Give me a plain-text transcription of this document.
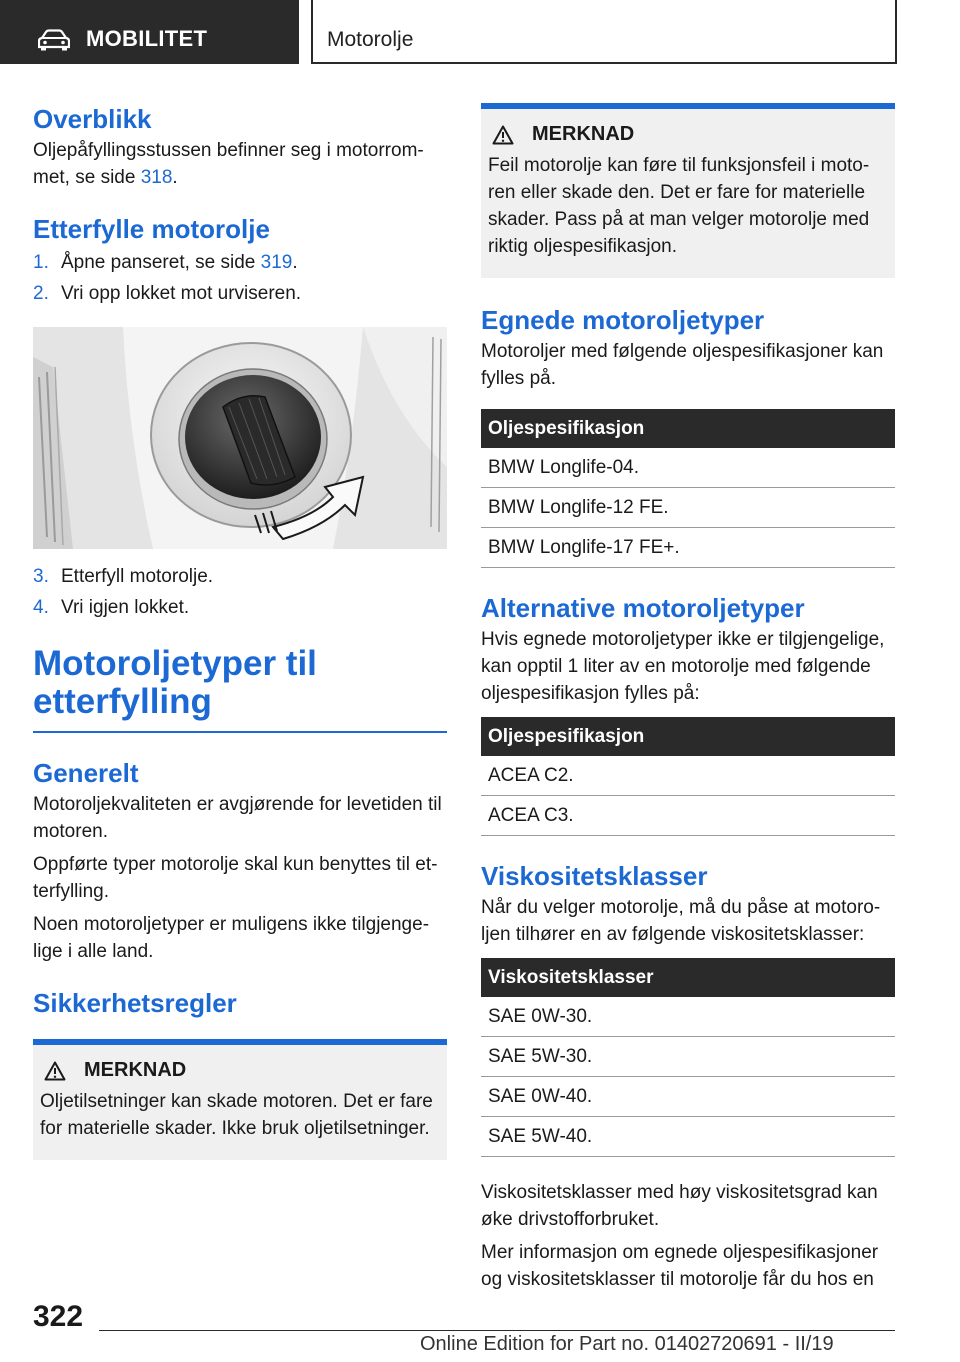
MOBILITET	Motorolje
Overblikk

Oljepåfyllingsstussen befinner seg i motorrom-met, se side 318.

Etterfylle motorolje
1. Åpne panseret, se side 319.
2. Vri opp lokket mot urviseren.
3. Etterfyll motorolje.
4. Vri igjen lokket.
Motoroljetyper til etterfylling
Generelt

Motoroljekvaliteten er avgjørende for levetiden til motoren.

Oppførte typer motorolje skal kun benyttes til et-terfylling.

Noen motoroljetyper er muligens ikke tilgjenge-lige i alle land.

Sikkerhetsregler
MERKNAD

Oljetilsetninger kan skade motoren. Det er fare for materielle skader. Ikke bruk oljetilsetninger.

MERKNAD

Feil motorolje kan føre til funksjonsfeil i moto-ren eller skade den. Det er fare for materielle skader. Pass på at man velger motorolje med riktig oljespesifikasjon.

Egnede motoroljetyper

Motoroljer med følgende oljespesifikasjoner kan fylles på.

Oljespesifikasjon
BMW Longlife-04.
BMW Longlife-12 FE.
BMW Longlife-17 FE+.
Alternative motoroljetyper

Hvis egnede motoroljetyper ikke er tilgjengelige, kan opptil 1 liter av en motorolje med følgende oljespesifikasjon fylles på:

Oljespesifikasjon
ACEA C2.
ACEA C3.
Viskositetsklasser

Når du velger motorolje, må du påse at motoro-ljen tilhører en av følgende viskositetsklasser:

Viskositetsklasser
SAE 0W-30.
SAE 5W-30.
SAE 0W-40.
SAE 5W-40.

Viskositetsklasser med høy viskositetsgrad kan øke drivstofforbruket.

Mer informasjon om egnede oljespesifikasjoner og viskositetsklasser til motorolje får du hos en

322
Online Edition for Part no. 01402720691 - II/19
